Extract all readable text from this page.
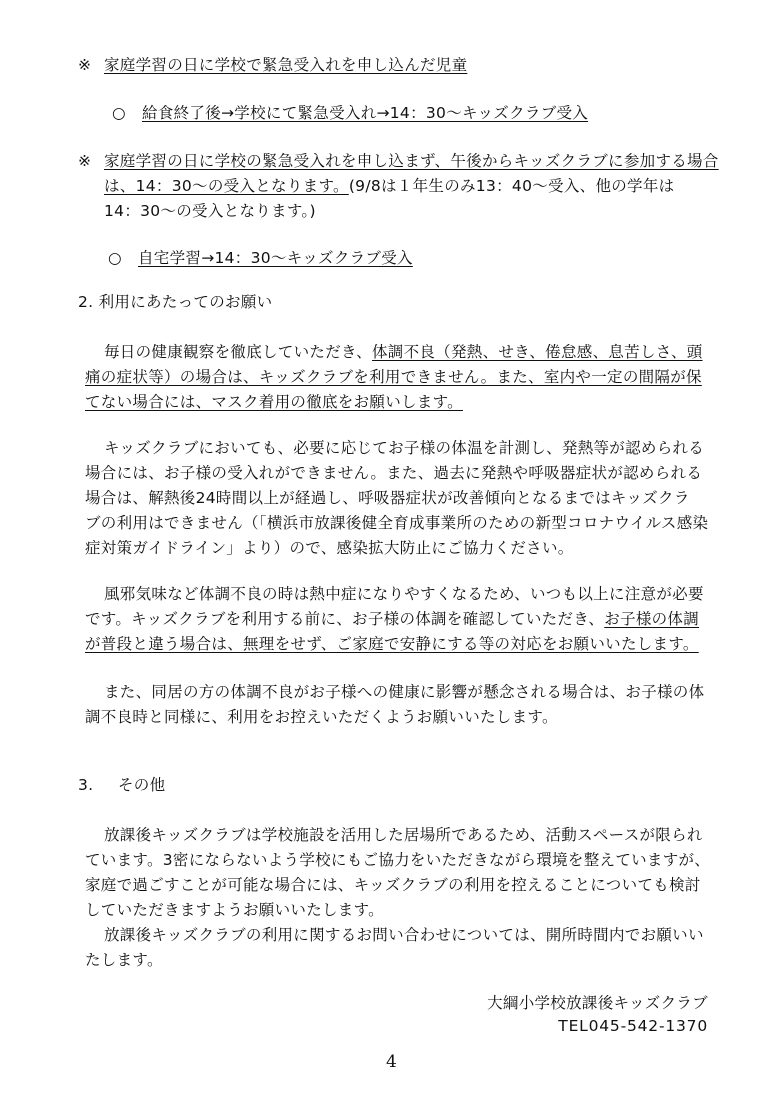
※ 家庭学習の日に学校で緊急受入れを申し込んだ児童
○ 給食終了後→学校にて緊急受入れ→14：30～キッズクラブ受入
※ 家庭学習の日に学校の緊急受入れを申し込まず、午後からキッズクラブに参加する場合
は、14：30～の受入となります。(9/8は１年生のみ13：40～受入、他の学年は
14：30～の受入となります。)
○ 自宅学習→14：30～キッズクラブ受入
2. 利用にあたってのお願い
毎日の健康観察を徹底していただき、体調不良（発熱、せき、倦怠感、息苦しさ、頭
痛の症状等）の場合は、キッズクラブを利用できません。また、室内や一定の間隔が保
てない場合には、マスク着用の徹底をお願いします。
キッズクラブにおいても、必要に応じてお子様の体温を計測し、発熱等が認められる
場合には、お子様の受入れができません。また、過去に発熱や呼吸器症状が認められる
場合は、解熱後24時間以上が経過し、呼吸器症状が改善傾向となるまではキッズクラ
ブの利用はできません（「横浜市放課後健全育成事業所のための新型コロナウイルス感染
症対策ガイドライン」より）ので、感染拡大防止にご協力ください。
風邪気味など体調不良の時は熱中症になりやすくなるため、いつも以上に注意が必要
です。キッズクラブを利用する前に、お子様の体調を確認していただき、お子様の体調
が普段と違う場合は、無理をせず、ご家庭で安静にする等の対応をお願いいたします。
また、同居の方の体調不良がお子様への健康に影響が懸念される場合は、お子様の体
調不良時と同様に、利用をお控えいただくようお願いいたします。
3. その他
放課後キッズクラブは学校施設を活用した居場所であるため、活動スペースが限られ
ています。3密にならないよう学校にもご協力をいただきながら環境を整えていますが、
家庭で過ごすことが可能な場合には、キッズクラブの利用を控えることについても検討
していただきますようお願いいたします。
放課後キッズクラブの利用に関するお問い合わせについては、開所時間内でお願いい
たします。
大綱小学校放課後キッズクラブ
TEL045-542-1370
4
